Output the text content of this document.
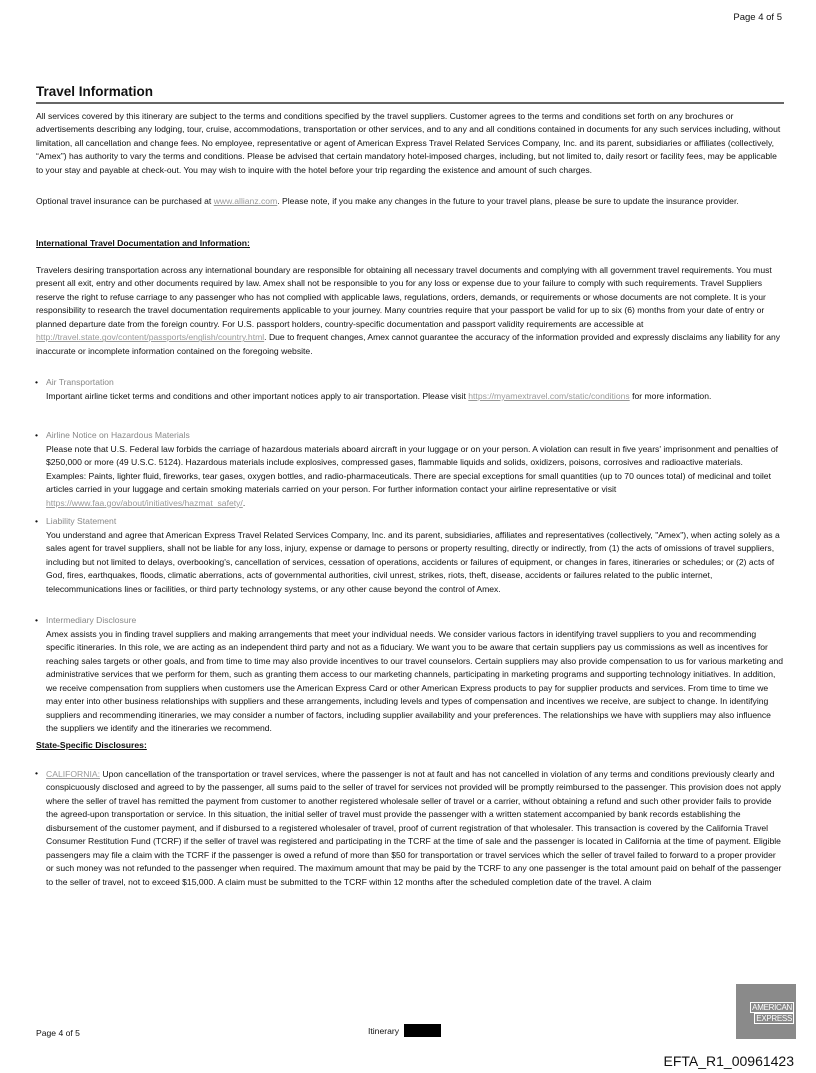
Page 4 of 5
Travel Information

All services covered by this itinerary are subject to the terms and conditions specified by the travel suppliers. Customer agrees to the terms and conditions set forth on any brochures or advertisements describing any lodging, tour, cruise, accommodations, transportation or other services, and to any and all conditions contained in documents for any such services including, without limitation, all cancellation and change fees. No employee, representative or agent of American Express Travel Related Services Company, Inc. and its parent, subsidiaries or affiliates (collectively, “Amex”) has authority to vary the terms and conditions. Please be advised that certain mandatory hotel-imposed charges, including, but not limited to, daily resort or facility fees, may be applicable to your stay and payable at check-out. You may wish to inquire with the hotel before your trip regarding the existence and amount of such charges.

Optional travel insurance can be purchased at www.allianz.com. Please note, if you make any changes in the future to your travel plans, please be sure to update the insurance provider.

International Travel Documentation and Information:

Travelers desiring transportation across any international boundary are responsible for obtaining all necessary travel documents and complying with all government travel requirements. You must present all exit, entry and other documents required by law. Amex shall not be responsible to you for any loss or expense due to your failure to comply with such requirements. Travel Suppliers reserve the right to refuse carriage to any passenger who has not complied with applicable laws, regulations, orders, demands, or requirements or whose documents are not complete. It is your responsibility to research the travel documentation requirements applicable to your journey. Many countries require that your passport be valid for up to six (6) months from your date of entry or planned departure date from the foreign country. For U.S. passport holders, country-specific documentation and passport validity requirements are accessible at http://travel.state.gov/content/passports/english/country.html. Due to frequent changes, Amex cannot guarantee the accuracy of the information provided and expressly disclaims any liability for any inaccurate or incomplete information contained on the foregoing website.

• Air Transportation

Important airline ticket terms and conditions and other important notices apply to air transportation. Please visit https://myamextravel.com/static/conditions for more information.

• Airline Notice on Hazardous Materials

Please note that U.S. Federal law forbids the carriage of hazardous materials aboard aircraft in your luggage or on your person. A violation can result in five years' imprisonment and penalties of $250,000 or more (49 U.S.C. 5124). Hazardous materials include explosives, compressed gases, flammable liquids and solids, oxidizers, poisons, corrosives and radioactive materials. Examples: Paints, lighter fluid, fireworks, tear gases, oxygen bottles, and radio-pharmaceuticals. There are special exceptions for small quantities (up to 70 ounces total) of medicinal and toilet articles carried in your luggage and certain smoking materials carried on your person. For further information contact your airline representative or visit https://www.faa.gov/about/initiatives/hazmat_safety/.

• Liability Statement

You understand and agree that American Express Travel Related Services Company, Inc. and its parent, subsidiaries, affiliates and representatives (collectively, "Amex"), when acting solely as a sales agent for travel suppliers, shall not be liable for any loss, injury, expense or damage to persons or property resulting, directly or indirectly, from (1) the acts of omissions of travel suppliers, including but not limited to delays, overbooking's, cancellation of services, cessation of operations, accidents or failures of equipment, or changes in fares, itineraries or schedules; or (2) acts of God, fires, earthquakes, floods, climatic aberrations, acts of governmental authorities, civil unrest, strikes, riots, theft, disease, accidents or failures related to the public internet, telecommunications lines or facilities, or third party technology systems, or any other cause beyond the control of Amex.

• Intermediary Disclosure

Amex assists you in finding travel suppliers and making arrangements that meet your individual needs. We consider various factors in identifying travel suppliers to you and recommending specific itineraries. In this role, we are acting as an independent third party and not as a fiduciary. We want you to be aware that certain suppliers pay us commissions as well as incentives for reaching sales targets or other goals, and from time to time may also provide incentives to our travel counselors. Certain suppliers may also provide compensation to us for various marketing and administrative services that we perform for them, such as granting them access to our marketing channels, participating in marketing programs and supporting technology initiatives. In addition, we receive compensation from suppliers when customers use the American Express Card or other American Express products to pay for supplier products and services. From time to time we may enter into other business relationships with suppliers and these arrangements, including levels and types of compensation and incentives we receive, are subject to change. In identifying suppliers and recommending itineraries, we may consider a number of factors, including supplier availability and your preferences. The relationships we have with suppliers may also influence the suppliers we identify and the itineraries we recommend.

State-Specific Disclosures:
• CALIFORNIA: Upon cancellation of the transportation or travel services, where the passenger is not at fault and has not cancelled in violation of any terms and conditions previously clearly and conspicuously disclosed and agreed to by the passenger, all sums paid to the seller of travel for services not provided will be promptly reimbursed to the passenger. This provision does not apply where the seller of travel has remitted the payment from customer to another registered wholesale seller of travel or a carrier, without obtaining a refund and such other provider fails to provide the agreed-upon transportation or service. In this situation, the initial seller of travel must provide the passenger with a written statement accompanied by bank records establishing the disbursement of the customer payment, and if disbursed to a registered wholesaler of travel, proof of current registration of that wholesaler. This transaction is covered by the California Travel Consumer Restitution Fund (TCRF) if the seller of travel was registered and participating in the TCRF at the time of sale and the passenger is located in California at the time of payment. Eligible passengers may file a claim with the TCRF if the passenger is owed a refund of more than $50 for transportation or travel services which the seller of travel failed to forward to a proper provider or such money was not refunded to the passenger when required. The maximum amount that may be paid by the TCRF to any one passenger is the total amount paid on behalf of the passenger to the seller of travel, not to exceed $15,000. A claim must be submitted to the TCRF within 12 months after the scheduled completion date of the travel. A claim

Page 4 of 5	Itinerary
AMERICAN
EXPRESS
EFTA_R1_00961423
